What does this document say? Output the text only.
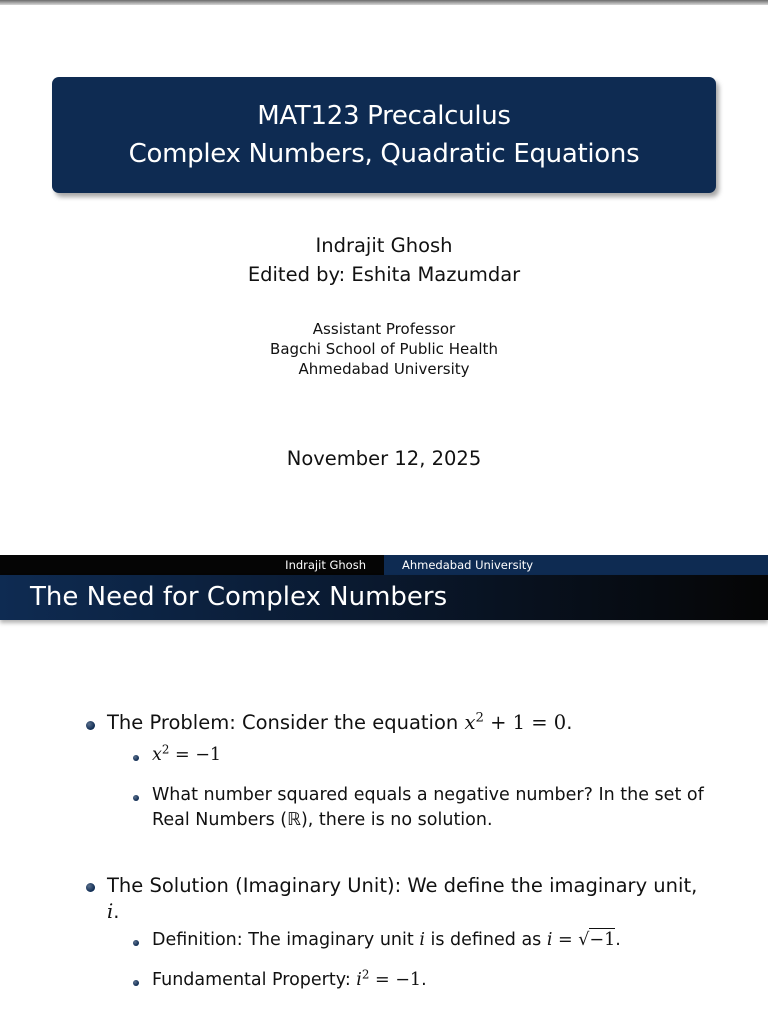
MAT123 Precalculus
Complex Numbers, Quadratic Equations
Indrajit Ghosh
Edited by: Eshita Mazumdar
Assistant Professor
Bagchi School of Public Health
Ahmedabad University
November 12, 2025
Indrajit Ghosh	Ahmedabad University
The Need for Complex Numbers
The Problem: Consider the equation $x^2 + 1 = 0$.
$x^2 = -1$
What number squared equals a negative number? In the set of
Real Numbers (ℝ), there is no solution.
The Solution (Imaginary Unit): We define the imaginary unit,
i.
Definition: The imaginary unit i is defined as i = √−1.
Fundamental Property: $i^2 = -1$.
